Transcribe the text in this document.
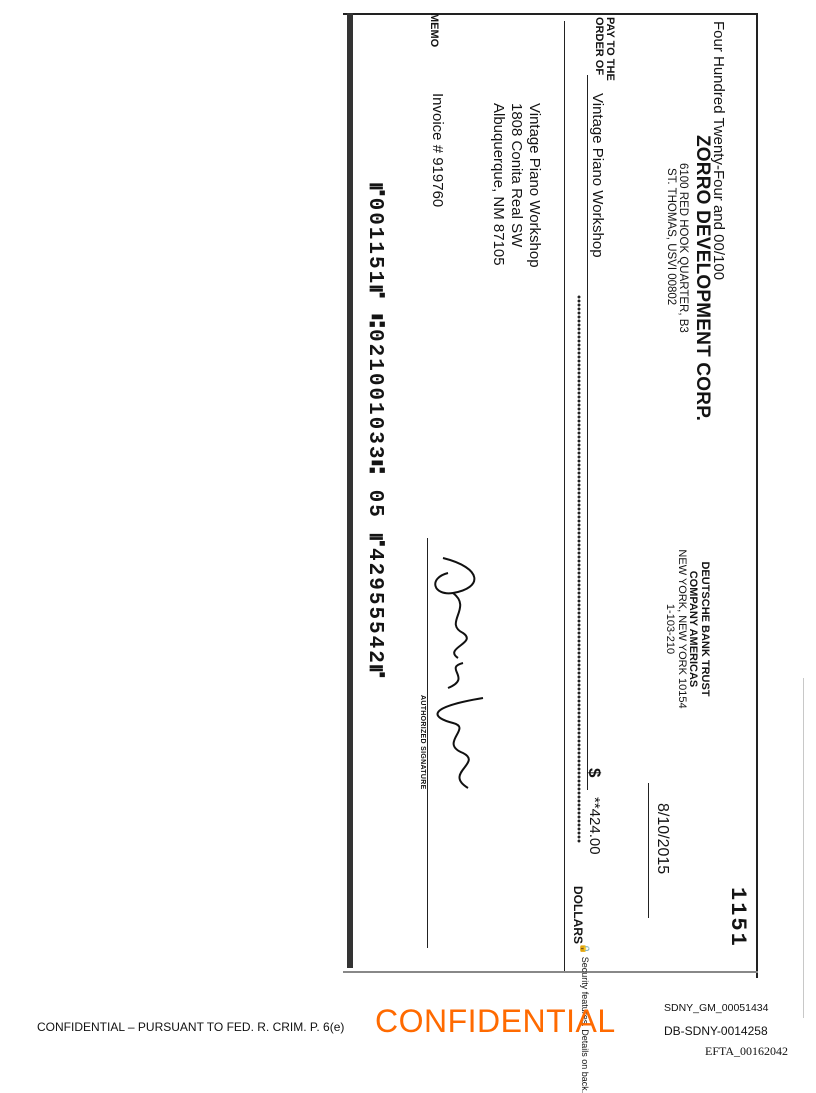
ZORRO DEVELOPMENT CORP.
6100 RED HOOK QUARTER, B3
ST. THOMAS, USVI 00802
DEUTSCHE BANK TRUST
COMPANY AMERICAS
NEW YORK, NEW YORK 10154
1-103-210
1151
8/10/2015
PAY TO THE
ORDER OF
Vintage Piano Workshop
$
**424.00
Four Hundred Twenty-Four and 00/100
DOLLARS
🔒 Security features. Details on back.
Vintage Piano Workshop
1808 Conita Real SW
Albuquerque, NM 87105
MEMO
Invoice # 919760
AUTHORIZED SIGNATURE
⑈001151⑈ ⑆021001033⑆ 05 ⑈42955542⑈
CONFIDENTIAL – PURSUANT TO FED. R. CRIM. P. 6(e) CONFIDENTIAL	SDNY_GM_00051434
DB-SDNY-0014258
EFTA_00162042
